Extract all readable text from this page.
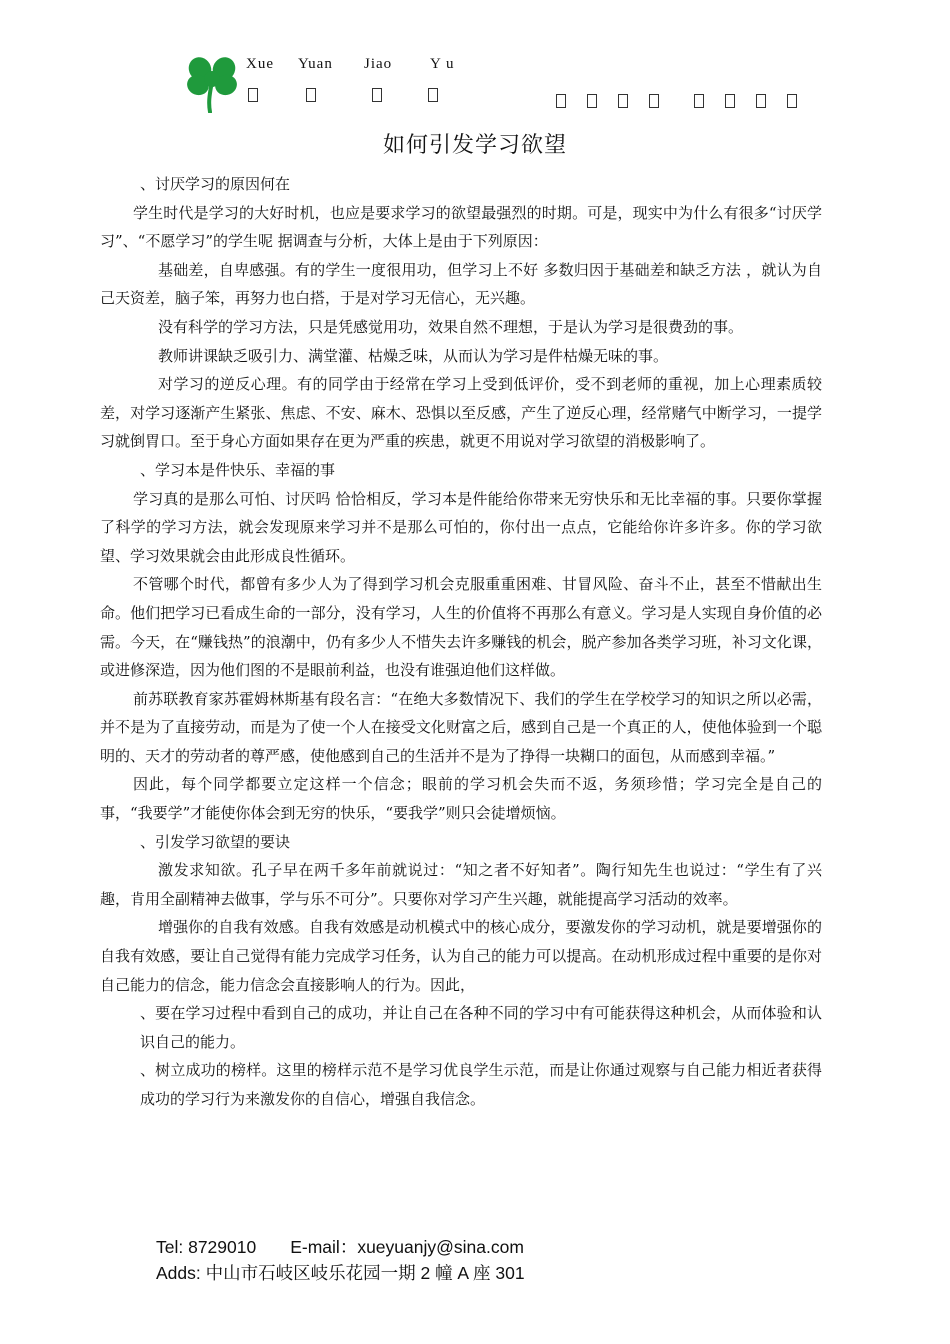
Xue Yuan Jiao	Y u
如何引发学习欲望

、讨厌学习的原因何在

学生时代是学习的大好时机，也应是要求学习的欲望最强烈的时期。可是，现实中为什么有很多“讨厌学习”、“不愿学习”的学生呢 据调查与分析，大体上是由于下列原因：

基础差，自卑感强。有的学生一度很用功，但学习上不好 多数归因于基础差和缺乏方法 ，就认为自己天资差，脑子笨，再努力也白搭，于是对学习无信心，无兴趣。

没有科学的学习方法，只是凭感觉用功，效果自然不理想，于是认为学习是很费劲的事。

教师讲课缺乏吸引力、满堂灌、枯燥乏味，从而认为学习是件枯燥无味的事。

对学习的逆反心理。有的同学由于经常在学习上受到低评价，受不到老师的重视，加上心理素质较差，对学习逐渐产生紧张、焦虑、不安、麻木、恐惧以至反感，产生了逆反心理，经常赌气中断学习，一提学习就倒胃口。至于身心方面如果存在更为严重的疾患，就更不用说对学习欲望的消极影响了。

、学习本是件快乐、幸福的事

学习真的是那么可怕、讨厌吗 恰恰相反，学习本是件能给你带来无穷快乐和无比幸福的事。只要你掌握了科学的学习方法，就会发现原来学习并不是那么可怕的，你付出一点点，它能给你许多许多。你的学习欲望、学习效果就会由此形成良性循环。

不管哪个时代，都曾有多少人为了得到学习机会克服重重困难、甘冒风险、奋斗不止，甚至不惜献出生命。他们把学习已看成生命的一部分，没有学习，人生的价值将不再那么有意义。学习是人实现自身价值的必需。今天，在“赚钱热”的浪潮中，仍有多少人不惜失去许多赚钱的机会，脱产参加各类学习班，补习文化课，或进修深造，因为他们图的不是眼前利益，也没有谁强迫他们这样做。

前苏联教育家苏霍姆林斯基有段名言：“在绝大多数情况下、我们的学生在学校学习的知识之所以必需，并不是为了直接劳动，而是为了使一个人在接受文化财富之后，感到自己是一个真正的人，使他体验到一个聪明的、天才的劳动者的尊严感，使他感到自己的生活并不是为了挣得一块糊口的面包，从而感到幸福。”

因此，每个同学都要立定这样一个信念；眼前的学习机会失而不返，务须珍惜；学习完全是自己的事，“我要学”才能使你体会到无穷的快乐，“要我学”则只会徒增烦恼。

、引发学习欲望的要诀

激发求知欲。孔子早在两千多年前就说过：“知之者不好知者”。陶行知先生也说过：“学生有了兴趣，肯用全副精神去做事，学与乐不可分”。只要你对学习产生兴趣，就能提高学习活动的效率。

增强你的自我有效感。自我有效感是动机模式中的核心成分，要激发你的学习动机，就是要增强你的自我有效感，要让自己觉得有能力完成学习任务，认为自己的能力可以提高。在动机形成过程中重要的是你对自己能力的信念，能力信念会直接影响人的行为。因此，

、要在学习过程中看到自己的成功，并让自己在各种不同的学习中有可能获得这种机会，从而体验和认识自己的能力。

、树立成功的榜样。这里的榜样示范不是学习优良学生示范，而是让你通过观察与自己能力相近者获得成功的学习行为来激发你的自信心，增强自我信念。

Tel: 8729010 E-mail：xueyuanjy@sina.com
Adds: 中山市石岐区岐乐花园一期 2 幢 A 座 301
